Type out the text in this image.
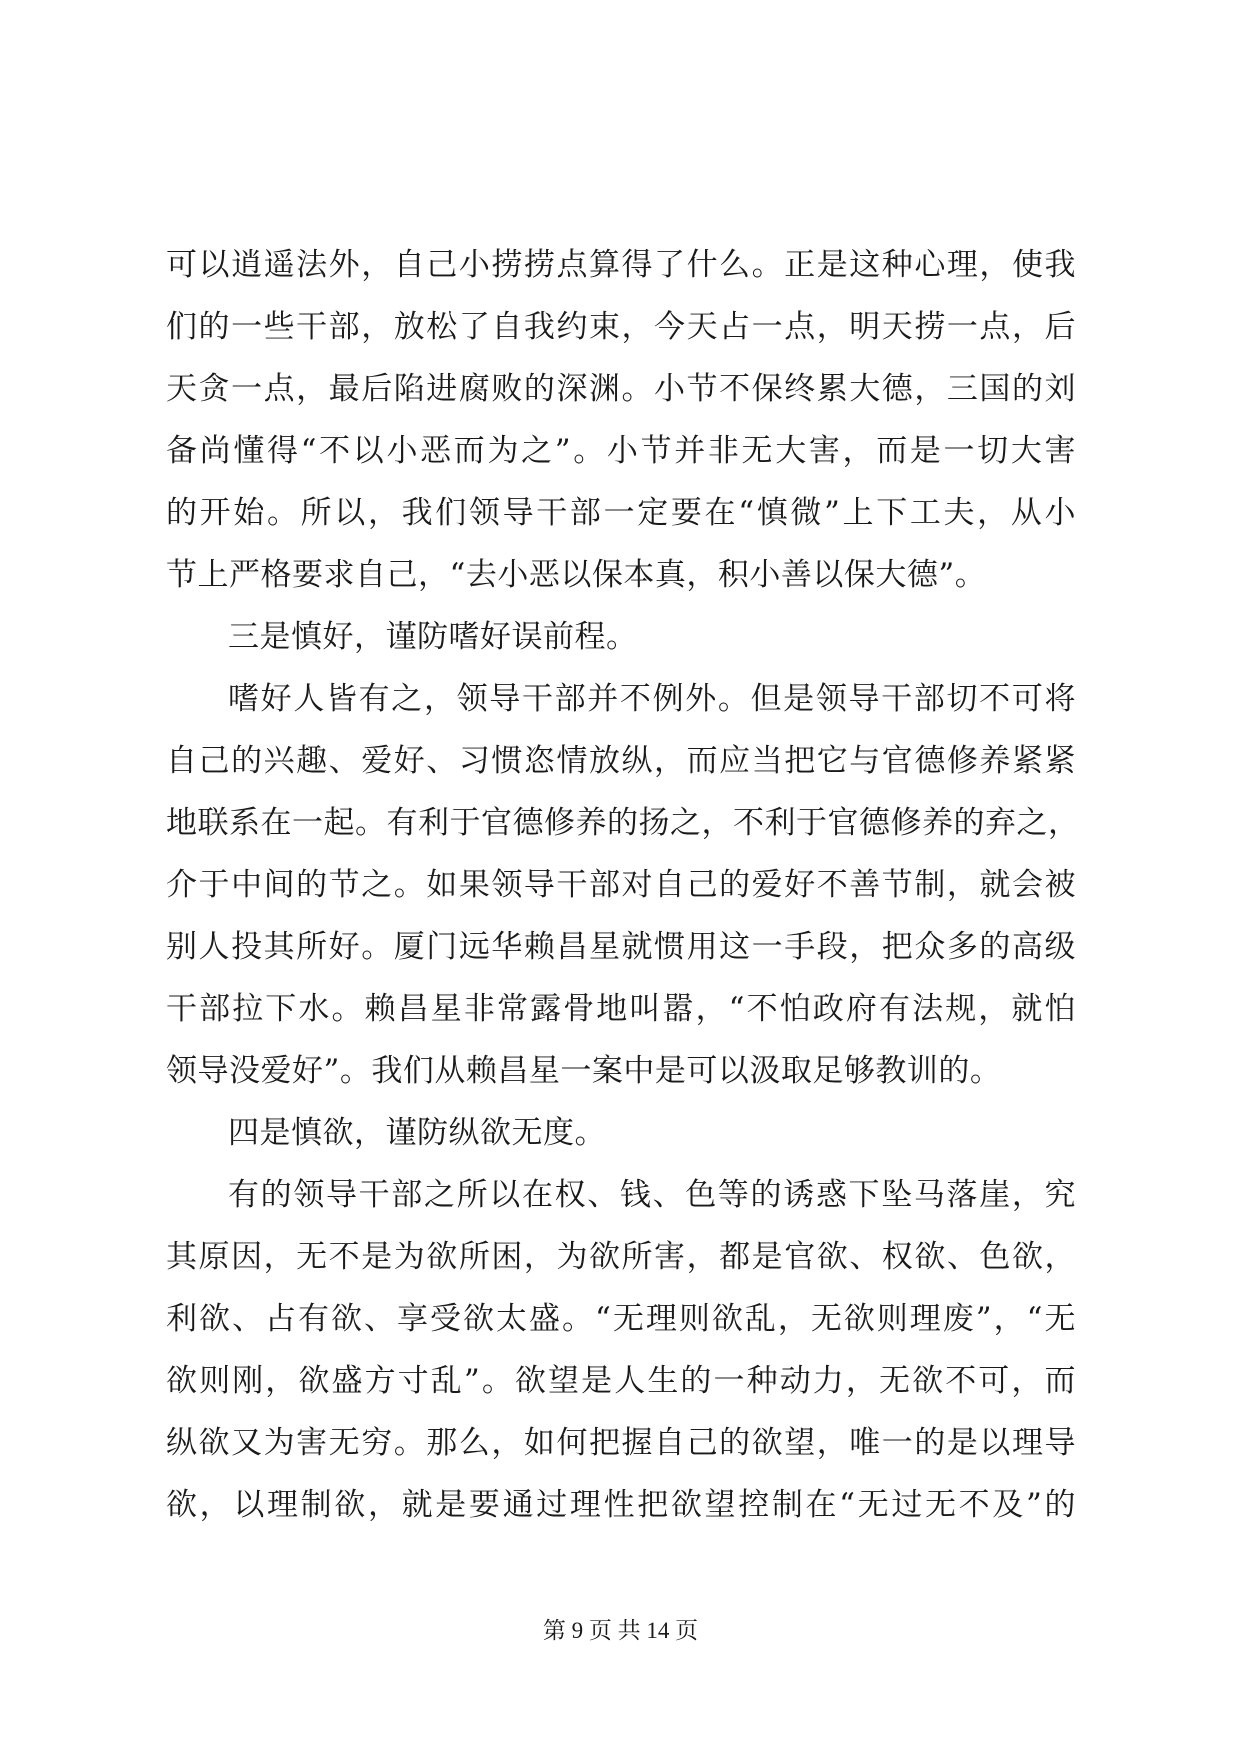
可以逍遥法外，自己小捞捞点算得了什么。正是这种心理，使我
们的一些干部，放松了自我约束，今天占一点，明天捞一点，后
天贪一点，最后陷进腐败的深渊。小节不保终累大德，三国的刘
备尚懂得“不以小恶而为之”。小节并非无大害，而是一切大害
的开始。所以，我们领导干部一定要在“慎微”上下工夫，从小
节上严格要求自己，“去小恶以保本真，积小善以保大德”。
三是慎好，谨防嗜好误前程。
嗜好人皆有之，领导干部并不例外。但是领导干部切不可将
自己的兴趣、爱好、习惯恣情放纵，而应当把它与官德修养紧紧
地联系在一起。有利于官德修养的扬之，不利于官德修养的弃之，
介于中间的节之。如果领导干部对自己的爱好不善节制，就会被
别人投其所好。厦门远华赖昌星就惯用这一手段，把众多的高级
干部拉下水。赖昌星非常露骨地叫嚣，“不怕政府有法规，就怕
领导没爱好”。我们从赖昌星一案中是可以汲取足够教训的。
四是慎欲，谨防纵欲无度。
有的领导干部之所以在权、钱、色等的诱惑下坠马落崖，究
其原因，无不是为欲所困，为欲所害，都是官欲、权欲、色欲，
利欲、占有欲、享受欲太盛。“无理则欲乱，无欲则理废”，“无
欲则刚，欲盛方寸乱”。欲望是人生的一种动力，无欲不可，而
纵欲又为害无穷。那么，如何把握自己的欲望，唯一的是以理导
欲，以理制欲，就是要通过理性把欲望控制在“无过无不及”的
第 9 页 共 14 页
